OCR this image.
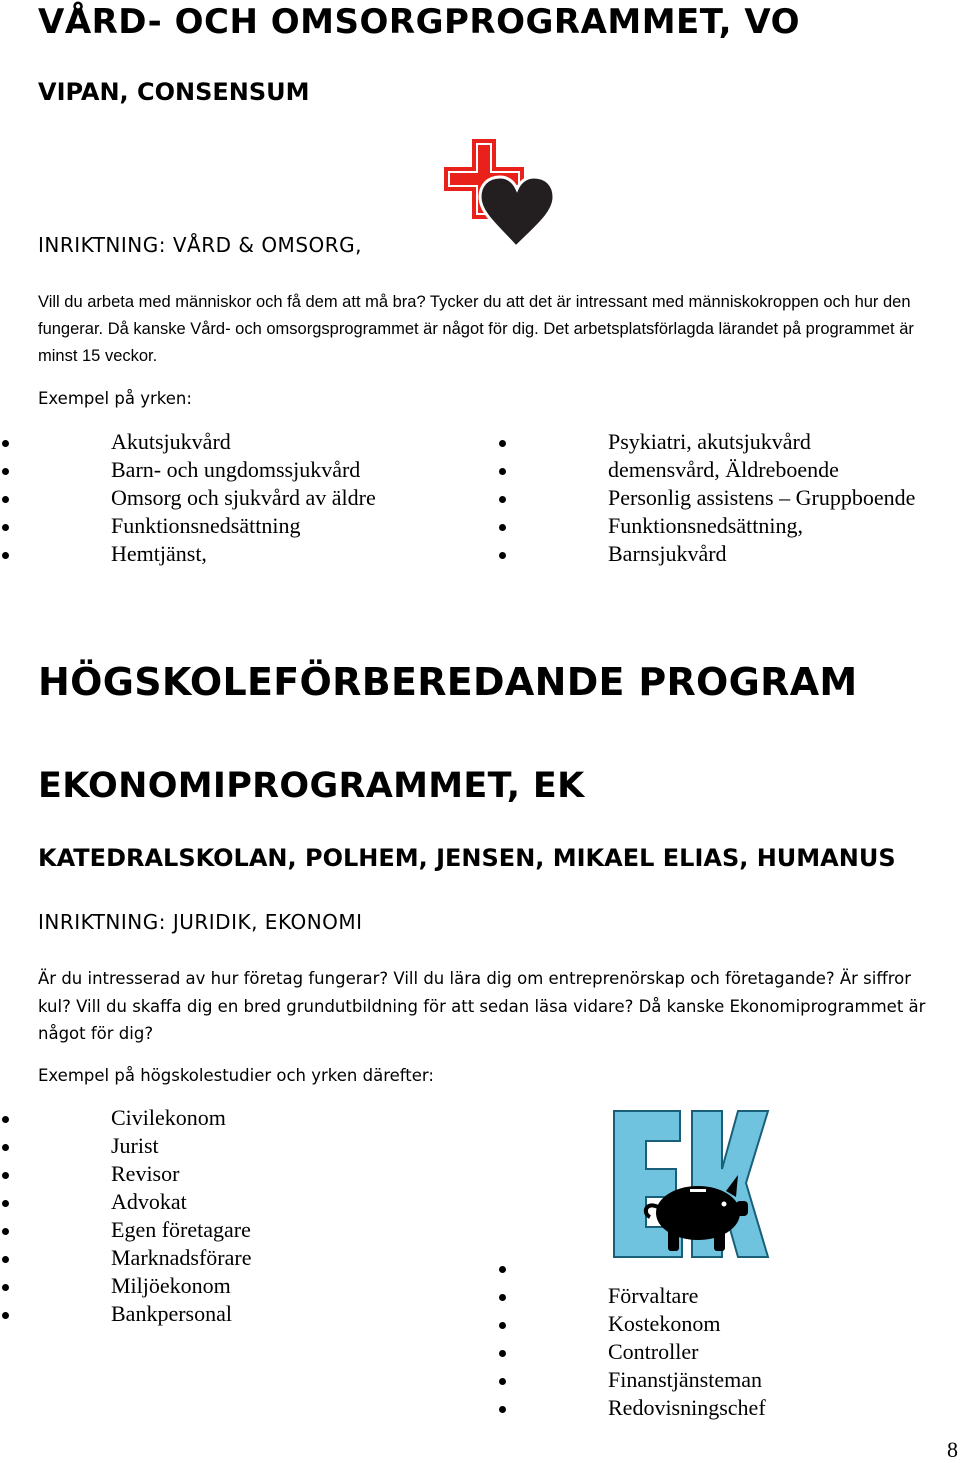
VÅRD- OCH OMSORGPROGRAMMET, VO
VIPAN, CONSENSUM
INRIKTNING: VÅRD & OMSORG,
Vill du arbeta med människor och få dem att må bra? Tycker du att det är intressant med människokroppen och hur den fungerar. Då kanske Vård- och omsorgsprogrammet är något för dig. Det arbetsplatsförlagda lärandet på programmet är minst 15 veckor.
Exempel på yrken:
Akutsjukvård
Barn- och ungdomssjukvård
Omsorg och sjukvård av äldre
Funktionsnedsättning
Hemtjänst,
Psykiatri, akutsjukvård
demensvård, Äldreboende
Personlig assistens – Gruppboende
Funktionsnedsättning,
Barnsjukvård
HÖGSKOLEFÖRBEREDANDE PROGRAM
EKONOMIPROGRAMMET, EK
KATEDRALSKOLAN, POLHEM, JENSEN, MIKAEL ELIAS, HUMANUS
INRIKTNING: JURIDIK, EKONOMI
Är du intresserad av hur företag fungerar? Vill du lära dig om entreprenörskap och företagande? Är siffror kul? Vill du skaffa dig en bred grundutbildning för att sedan läsa vidare? Då kanske Ekonomiprogrammet är något för dig?
Exempel på högskolestudier och yrken därefter:
Civilekonom
Jurist
Revisor
Advokat
Egen företagare
Marknadsförare
Miljöekonom
Bankpersonal
Förvaltare
Kostekonom
Controller
Finanstjänsteman
Redovisningschef
8
